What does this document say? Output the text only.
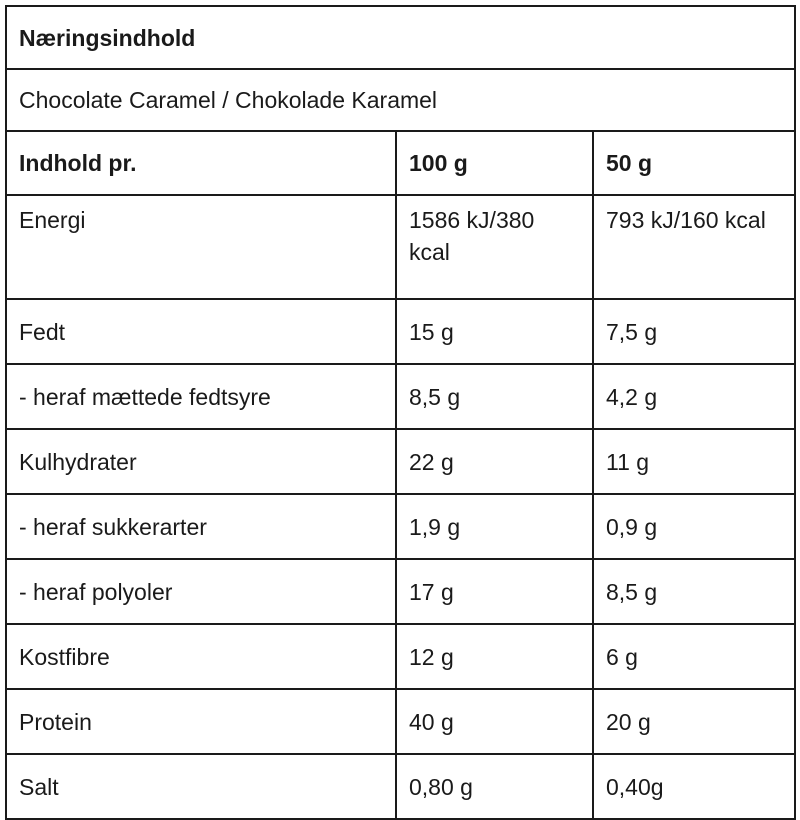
Næringsindhold		
Chocolate Caramel / Chokolade Karamel		
Indhold pr.	100 g	50 g
Energi	1586 kJ/380 kcal	793 kJ/160 kcal
Fedt	15 g	7,5 g
- heraf mættede fedtsyre	8,5 g	4,2 g
Kulhydrater	22 g	11 g
- heraf sukkerarter	1,9 g	0,9 g
- heraf polyoler	17 g	8,5 g
Kostfibre	12 g	6 g
Protein	40 g	20 g
Salt	0,80 g	0,40g
